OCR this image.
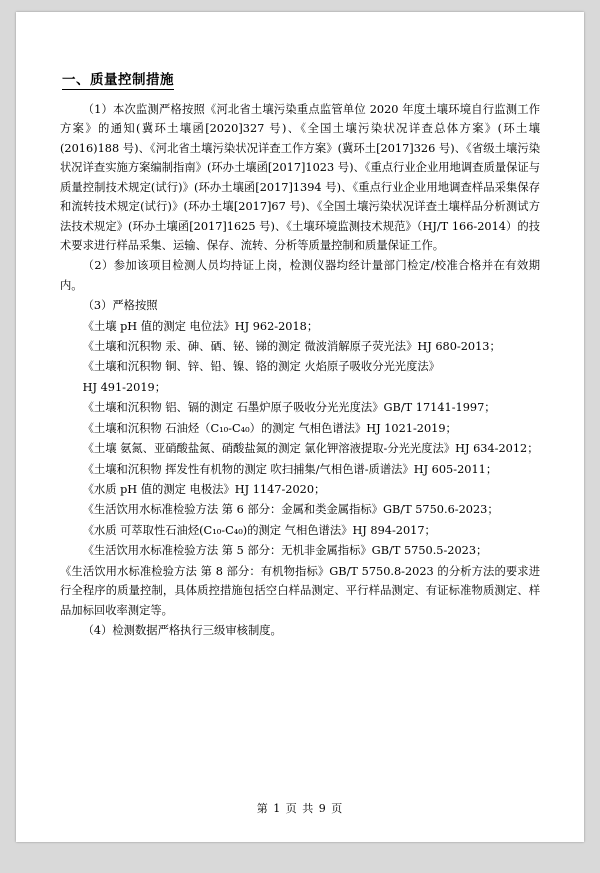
一、质量控制措施

（1）本次监测严格按照《河北省土壤污染重点监管单位 2020 年度土壤环境自行监测工作方案》的通知(冀环土壤函[2020]327 号)、《全国土壤污染状况详查总体方案》(环土壤(2016)188 号)、《河北省土壤污染状况详查工作方案》(冀环土[2017]326 号)、《省级土壤污染状况详查实施方案编制指南》(环办土壤函[2017]1023 号)、《重点行业企业用地调查质量保证与质量控制技术规定(试行)》(环办土壤函[2017]1394 号)、《重点行业企业用地调查样品采集保存和流转技术规定(试行)》(环办土壤[2017]67 号)、《全国土壤污染状况详查土壤样品分析测试方法技术规定》(环办土壤函[2017]1625 号)、《土壤环境监测技术规范》（HJ/T 166-2014）的技术要求进行样品采集、运输、保存、流转、分析等质量控制和质量保证工作。

（2）参加该项目检测人员均持证上岗，检测仪器均经计量部门检定/校准合格并在有效期内。

（3）严格按照

《土壤 pH 值的测定 电位法》HJ 962-2018；

《土壤和沉积物 汞、砷、硒、铋、锑的测定 微波消解原子荧光法》HJ 680-2013；

《土壤和沉积物 铜、锌、铅、镍、铬的测定 火焰原子吸收分光光度法》

HJ 491-2019；

《土壤和沉积物 铝、镉的测定 石墨炉原子吸收分光光度法》GB/T 17141-1997；

《土壤和沉积物 石油烃（C₁₀-C₄₀）的测定 气相色谱法》HJ 1021-2019；

《土壤 氨氮、亚硝酸盐氮、硝酸盐氮的测定 氯化钾溶液提取-分光光度法》HJ 634-2012；

《土壤和沉积物 挥发性有机物的测定 吹扫捕集/气相色谱-质谱法》HJ 605-2011；

《水质 pH 值的测定 电极法》HJ 1147-2020；

《生活饮用水标准检验方法 第 6 部分：金属和类金属指标》GB/T 5750.6-2023；

《水质 可萃取性石油烃(C₁₀-C₄₀)的测定 气相色谱法》HJ 894-2017；

《生活饮用水标准检验方法 第 5 部分：无机非金属指标》GB/T 5750.5-2023；

《生活饮用水标准检验方法 第 8 部分：有机物指标》GB/T 5750.8-2023 的分析方法的要求进行全程序的质量控制，具体质控措施包括空白样品测定、平行样品测定、有证标准物质测定、样品加标回收率测定等。

（4）检测数据严格执行三级审核制度。

第 1 页 共 9 页
